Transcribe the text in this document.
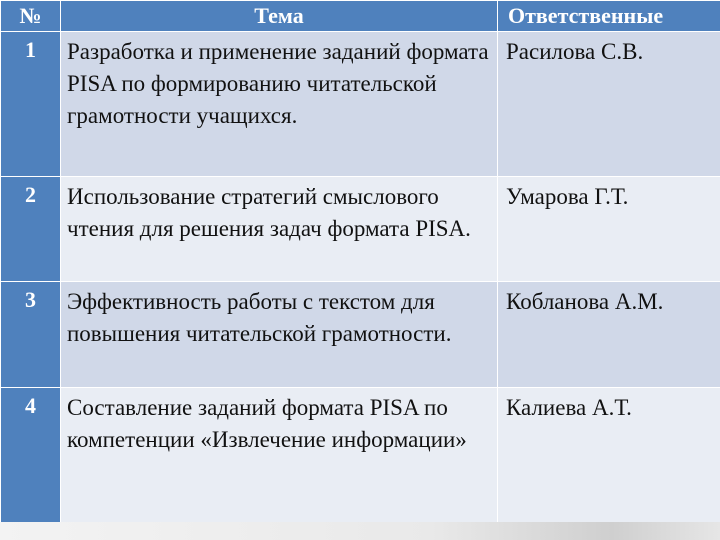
№	Тема	Ответственные
1	Разработка и применение заданий формата PISA по формированию читательской грамотности учащихся.	Расилова С.В.
2	Использование стратегий смыслового чтения для решения задач формата PISA.	Умарова Г.Т.
3	Эффективность работы с текстом для повышения читательской грамотности.	Кобланова А.М.
4	Составление заданий формата PISA по компетенции «Извлечение информации»	Калиева А.Т.
